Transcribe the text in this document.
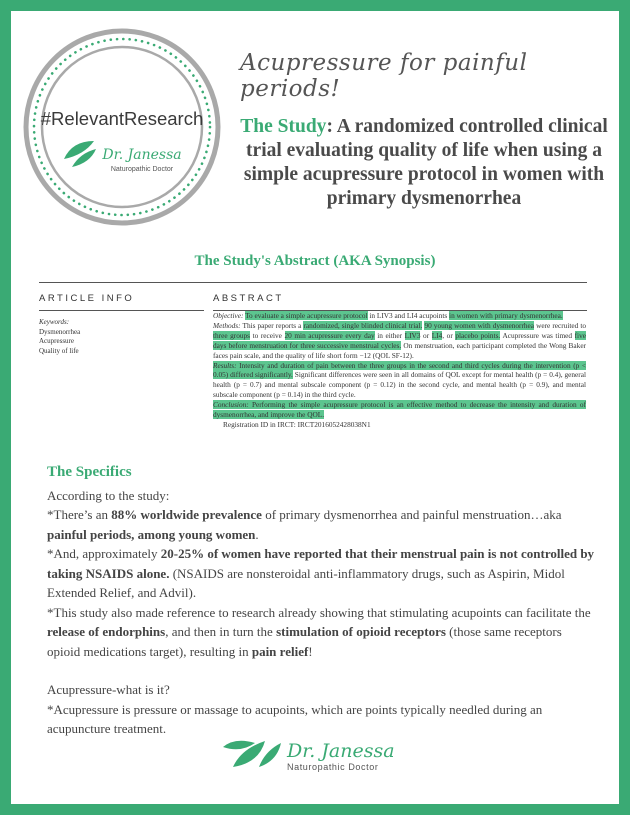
#RelevantResearch
Dr. Janessa
Naturopathic Doctor
Acupressure for painful periods!
The Study: A randomized controlled clinical trial evaluating quality of life when using a simple acupressure protocol in women with primary dysmenorrhea
The Study's Abstract (AKA Synopsis)
ARTICLE INFO	ABSTRACT
Keywords:
Dysmenorrhea
Acupressure
Quality of life
Objective: To evaluate a simple acupressure protocol in LIV3 and LI4 acupoints in women with primary dysmenorrhea.
Methods: This paper reports a randomized, single blinded clinical trial. 90 young women with dysmenorrhea were recruited to three groups to receive 20 min acupressure every day in either LIV3 or LI4, or placebo points. Acupressure was timed five days before menstruation for three successive menstrual cycles. On menstruation, each participant completed the Wong Baker faces pain scale, and the quality of life short form −12 (QOL SF-12).
Results: Intensity and duration of pain between the three groups in the second and third cycles during the intervention (p < 0.05) differed significantly. Significant differences were seen in all domains of QOL except for mental health (p = 0.4), general health (p = 0.7) and mental subscale component (p = 0.12) in the second cycle, and mental health (p = 0.9), and mental subscale component (p = 0.14) in the third cycle.
Conclusion: Performing the simple acupressure protocol is an effective method to decrease the intensity and duration of dysmenorrhea, and improve the QOL.
Registration ID in IRCT: IRCT2016052428038N1
The Specifics

According to the study:

*There’s an 88% worldwide prevalence of primary dysmenorrhea and painful menstruation…aka painful periods, among young women.

*And, approximately 20-25% of women have reported that their menstrual pain is not controlled by taking NSAIDS alone. (NSAIDS are nonsteroidal anti-inflammatory drugs, such as Aspirin, Midol Extended Relief, and Advil).

*This study also made reference to research already showing that stimulating acupoints can facilitate the release of endorphins, and then in turn the stimulation of opioid receptors (those same receptors opioid medications target), resulting in pain relief!

Acupressure-what is it?

*Acupressure is pressure or massage to acupoints, which are points typically needled during an acupuncture treatment.

Dr. Janessa
Naturopathic Doctor
